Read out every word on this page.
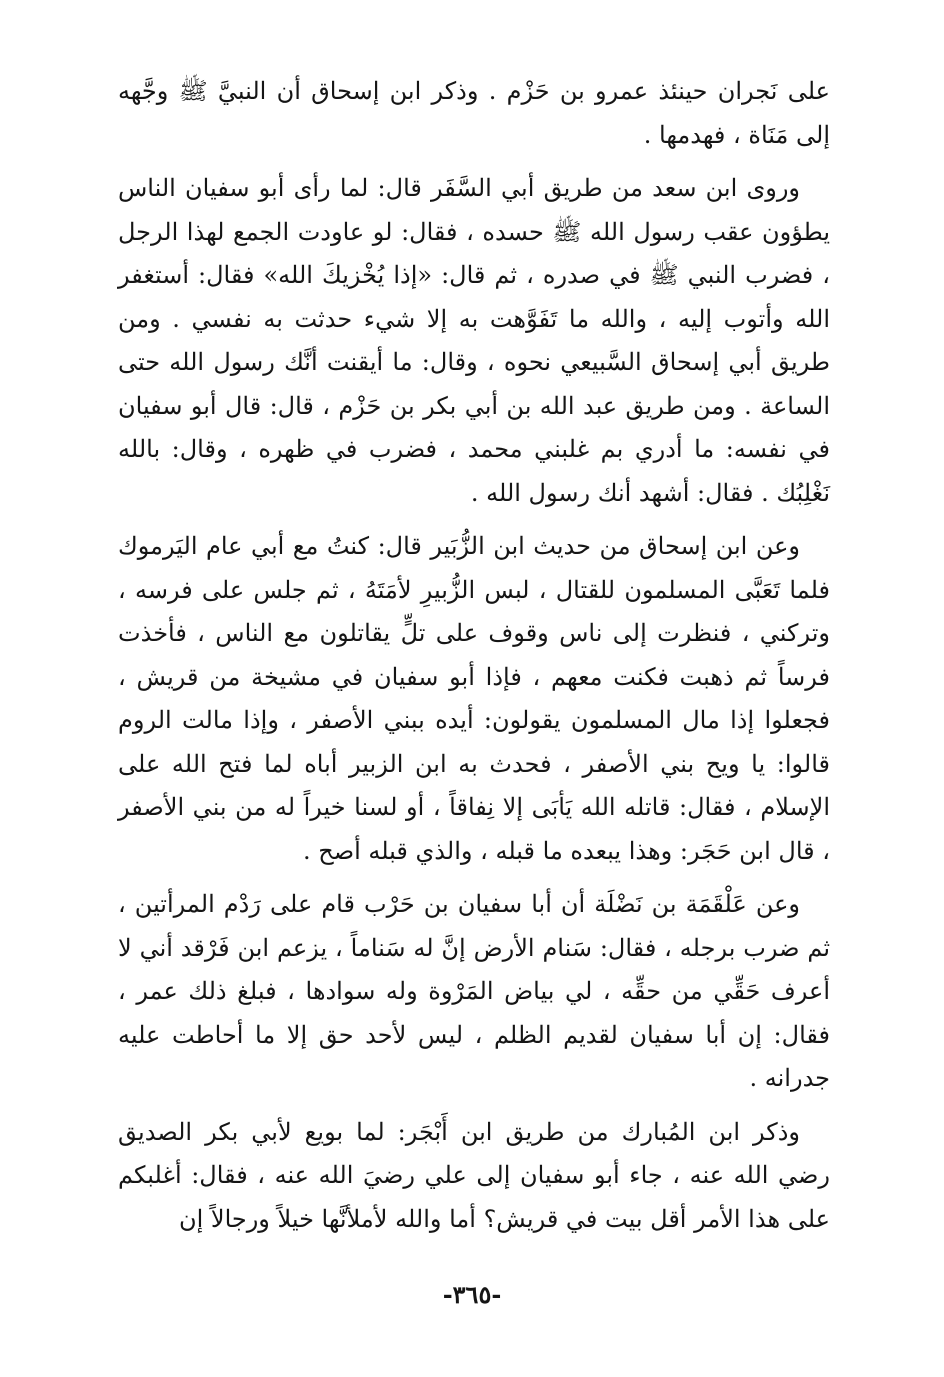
على نَجران حينئذ عمرو بن حَزْم . وذكر ابن إسحاق أن النبيَّ ﷺ وجَّهه إلى مَنَاة ، فهدمها .

وروى ابن سعد من طريق أبي السَّفَر قال: لما رأى أبو سفيان الناس يطؤون عقب رسول الله ﷺ حسده ، فقال: لو عاودت الجمع لهذا الرجل ، فضرب النبي ﷺ في صدره ، ثم قال: «إذا يُخْزيكَ الله» فقال: أستغفر الله وأتوب إليه ، والله ما تَفَوَّهت به إلا شيء حدثت به نفسي . ومن طريق أبي إسحاق السَّبيعي نحوه ، وقال: ما أيقنت أنَّك رسول الله حتى الساعة . ومن طريق عبد الله بن أبي بكر بن حَزْم ، قال: قال أبو سفيان في نفسه: ما أدري بم غلبني محمد ، فضرب في ظهره ، وقال: بالله نَغْلِبُك . فقال: أشهد أنك رسول الله .

وعن ابن إسحاق من حديث ابن الزُّبَير قال: كنتُ مع أبي عام اليَرموك فلما تَعَبَّى المسلمون للقتال ، لبس الزُّبيرِ لأمَتَهُ ، ثم جلس على فرسه ، وتركني ، فنظرت إلى ناس وقوف على تلٍّ يقاتلون مع الناس ، فأخذت فرساً ثم ذهبت فكنت معهم ، فإذا أبو سفيان في مشيخة من قريش ، فجعلوا إذا مال المسلمون يقولون: أيده ببني الأصفر ، وإذا مالت الروم قالوا: يا ويح بني الأصفر ، فحدث به ابن الزبير أباه لما فتح الله على الإسلام ، فقال: قاتله الله يَأبَى إلا نِفاقاً ، أو لسنا خيراً له من بني الأصفر ، قال ابن حَجَر: وهذا يبعده ما قبله ، والذي قبله أصح .

وعن عَلْقَمَة بن نَضْلَة أن أبا سفيان بن حَرْب قام على رَدْم المرأتين ، ثم ضرب برجله ، فقال: سَنام الأرض إنَّ له سَناماً ، يزعم ابن فَرْقد أني لا أعرف حَقِّي من حقِّه ، لي بياض المَرْوة وله سوادها ، فبلغ ذلك عمر ، فقال: إن أبا سفيان لقديم الظلم ، ليس لأحد حق إلا ما أحاطت عليه جدرانه .

وذكر ابن المُبارك من طريق ابن أَبْجَر: لما بويع لأبي بكر الصديق رضي الله عنه ، جاء أبو سفيان إلى علي رضيَ الله عنه ، فقال: أغلبكم على هذا الأمر أقل بيت في قريش؟ أما والله لأملأنَّها خيلاً ورجالاً إن

-٣٦٥-
